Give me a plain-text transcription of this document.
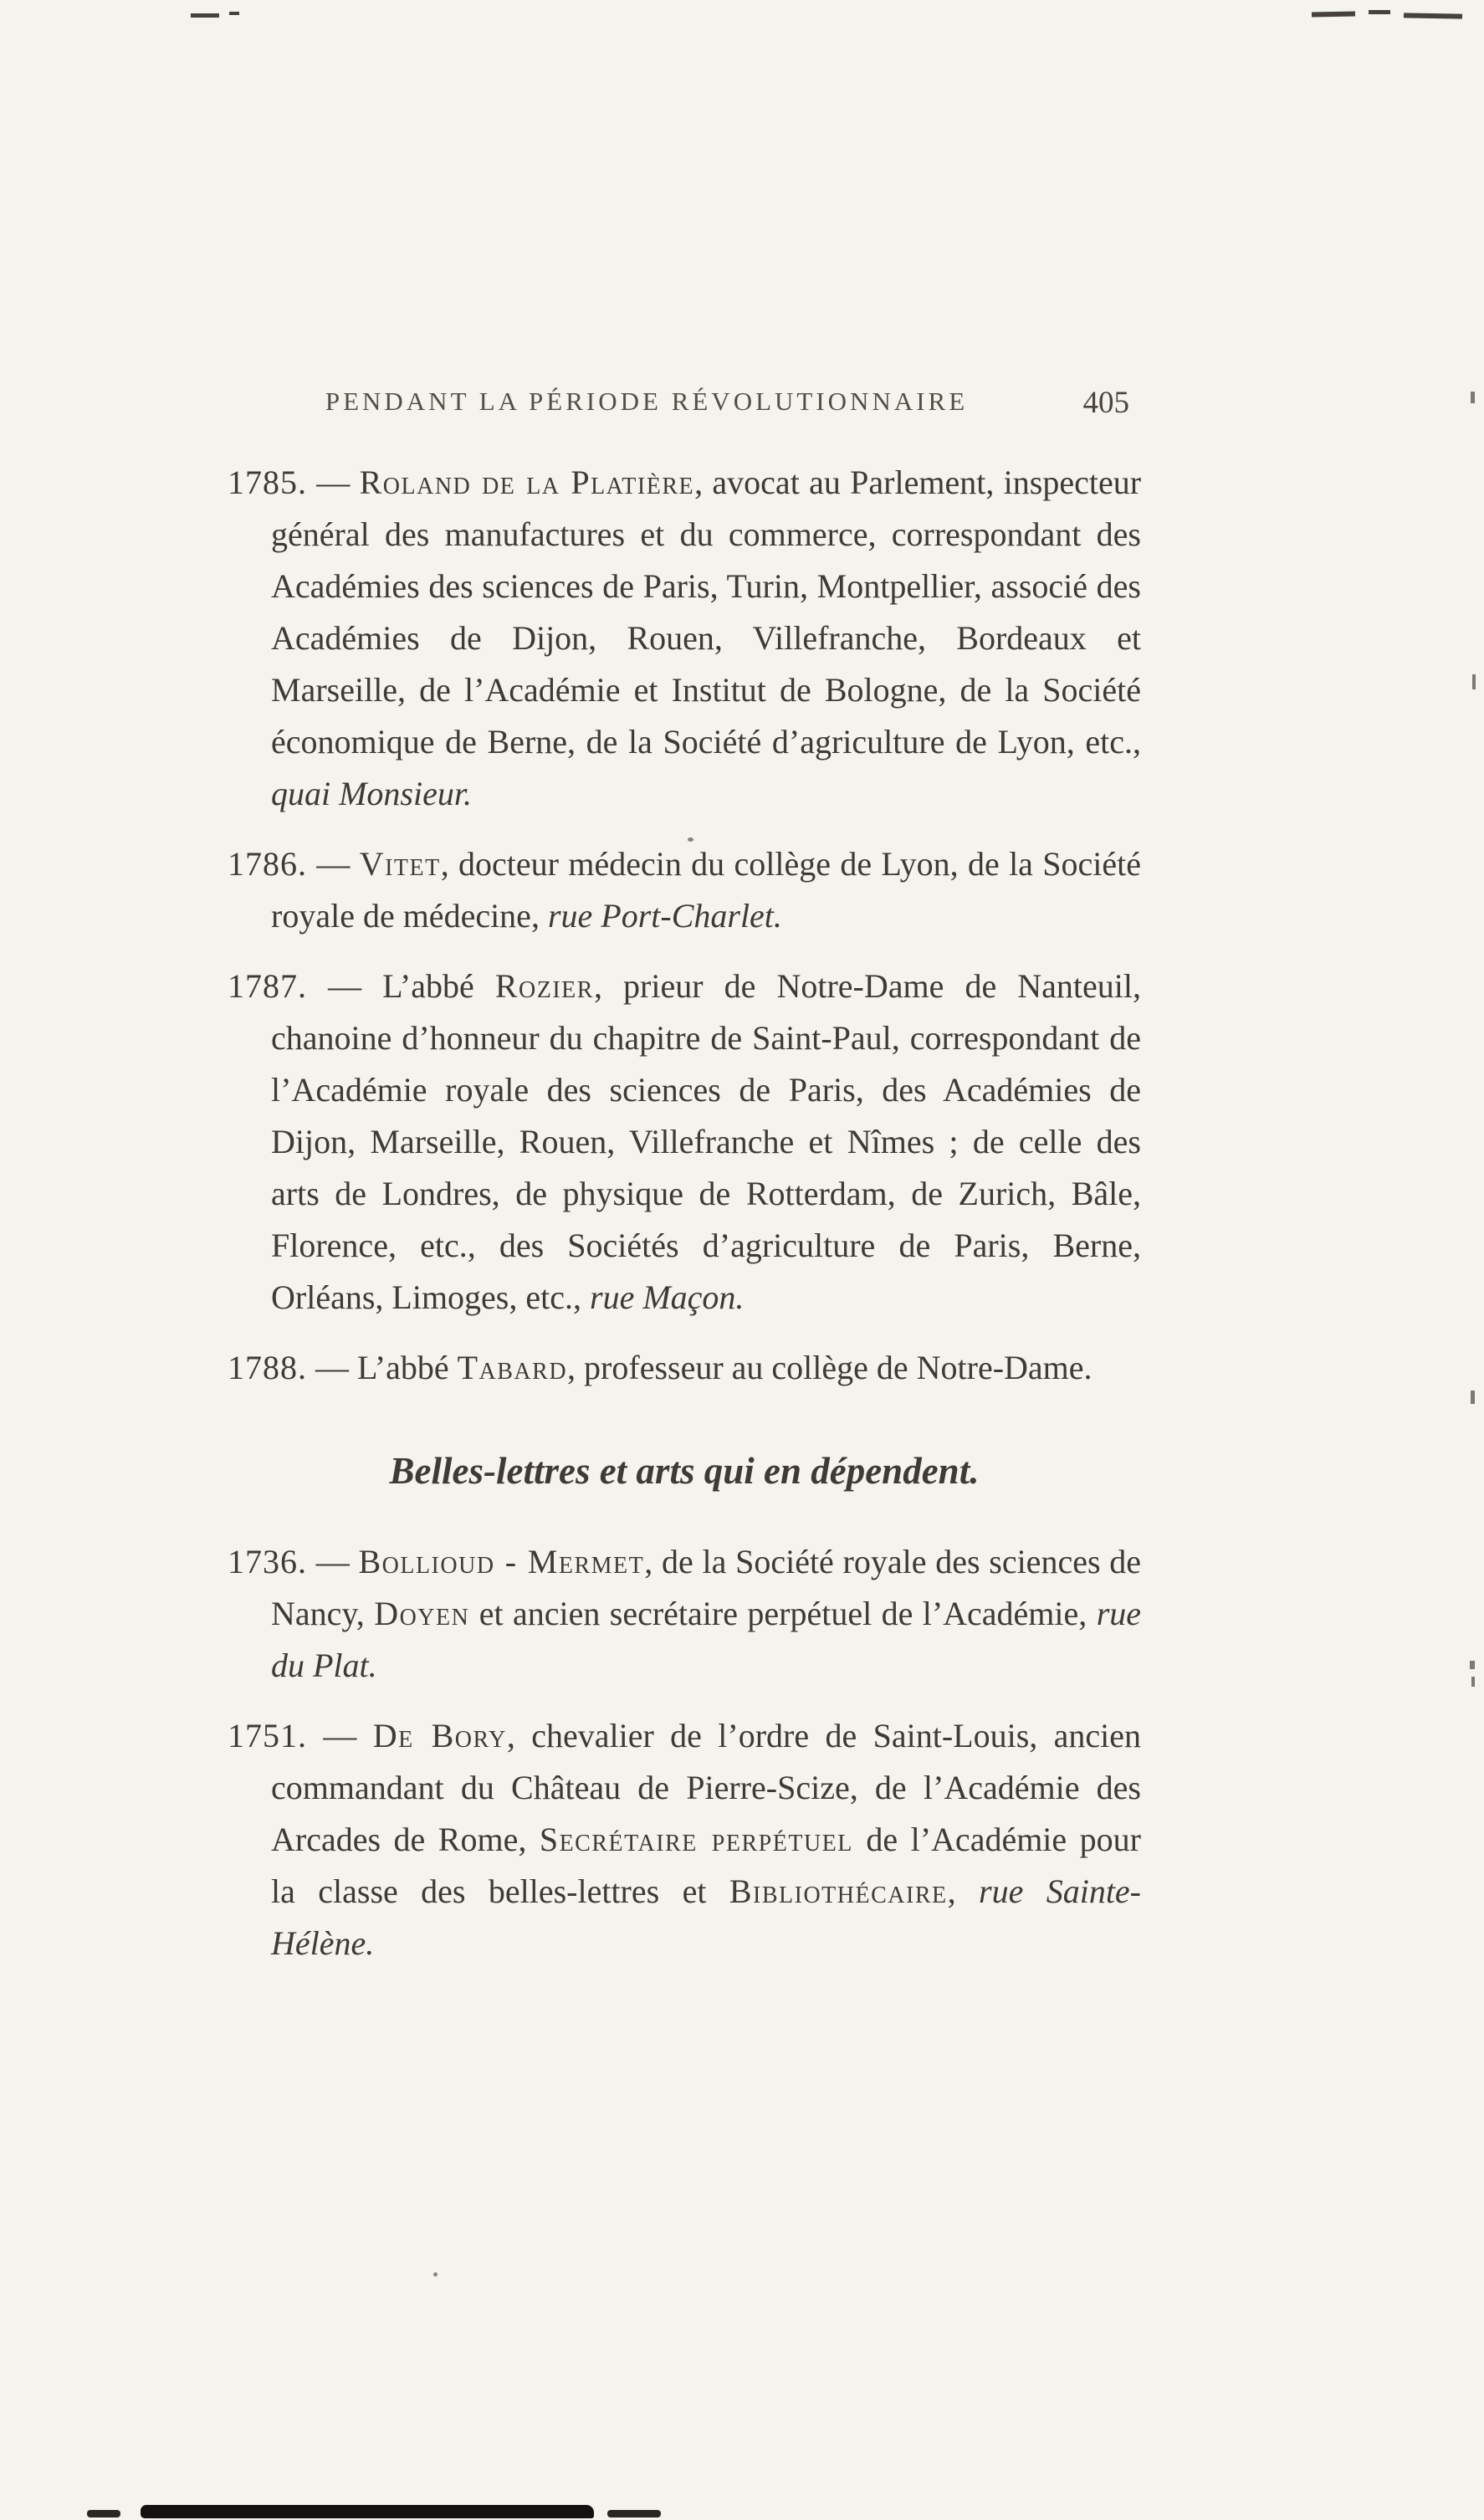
PENDANT LA PÉRIODE RÉVOLUTIONNAIRE	405

1785. — Roland de la Platière, avocat au Parlement, inspecteur général des manufactures et du commerce, correspondant des Académies des sciences de Paris, Turin, Montpellier, associé des Académies de Dijon, Rouen, Villefranche, Bordeaux et Marseille, de l’Académie et Institut de Bologne, de la Société économique de Berne, de la Société d’agriculture de Lyon, etc., quai Monsieur.

1786. — Vitet, docteur médecin du collège de Lyon, de la Société royale de médecine, rue Port-Charlet.

1787. — L’abbé Rozier, prieur de Notre-Dame de Nanteuil, chanoine d’honneur du chapitre de Saint-Paul, correspondant de l’Académie royale des sciences de Paris, des Académies de Dijon, Marseille, Rouen, Villefranche et Nîmes ; de celle des arts de Londres, de physique de Rotterdam, de Zurich, Bâle, Florence, etc., des Sociétés d’agriculture de Paris, Berne, Orléans, Limoges, etc., rue Maçon.

1788. — L’abbé Tabard, professeur au collège de Notre-Dame.

Belles-lettres et arts qui en dépendent.

1736. — Bollioud - Mermet, de la Société royale des sciences de Nancy, Doyen et ancien secrétaire perpétuel de l’Académie, rue du Plat.

1751. — De Bory, chevalier de l’ordre de Saint-Louis, ancien commandant du Château de Pierre-Scize, de l’Académie des Arcades de Rome, Secrétaire perpétuel de l’Académie pour la classe des belles-lettres et Bibliothécaire, rue Sainte-Hélène.
